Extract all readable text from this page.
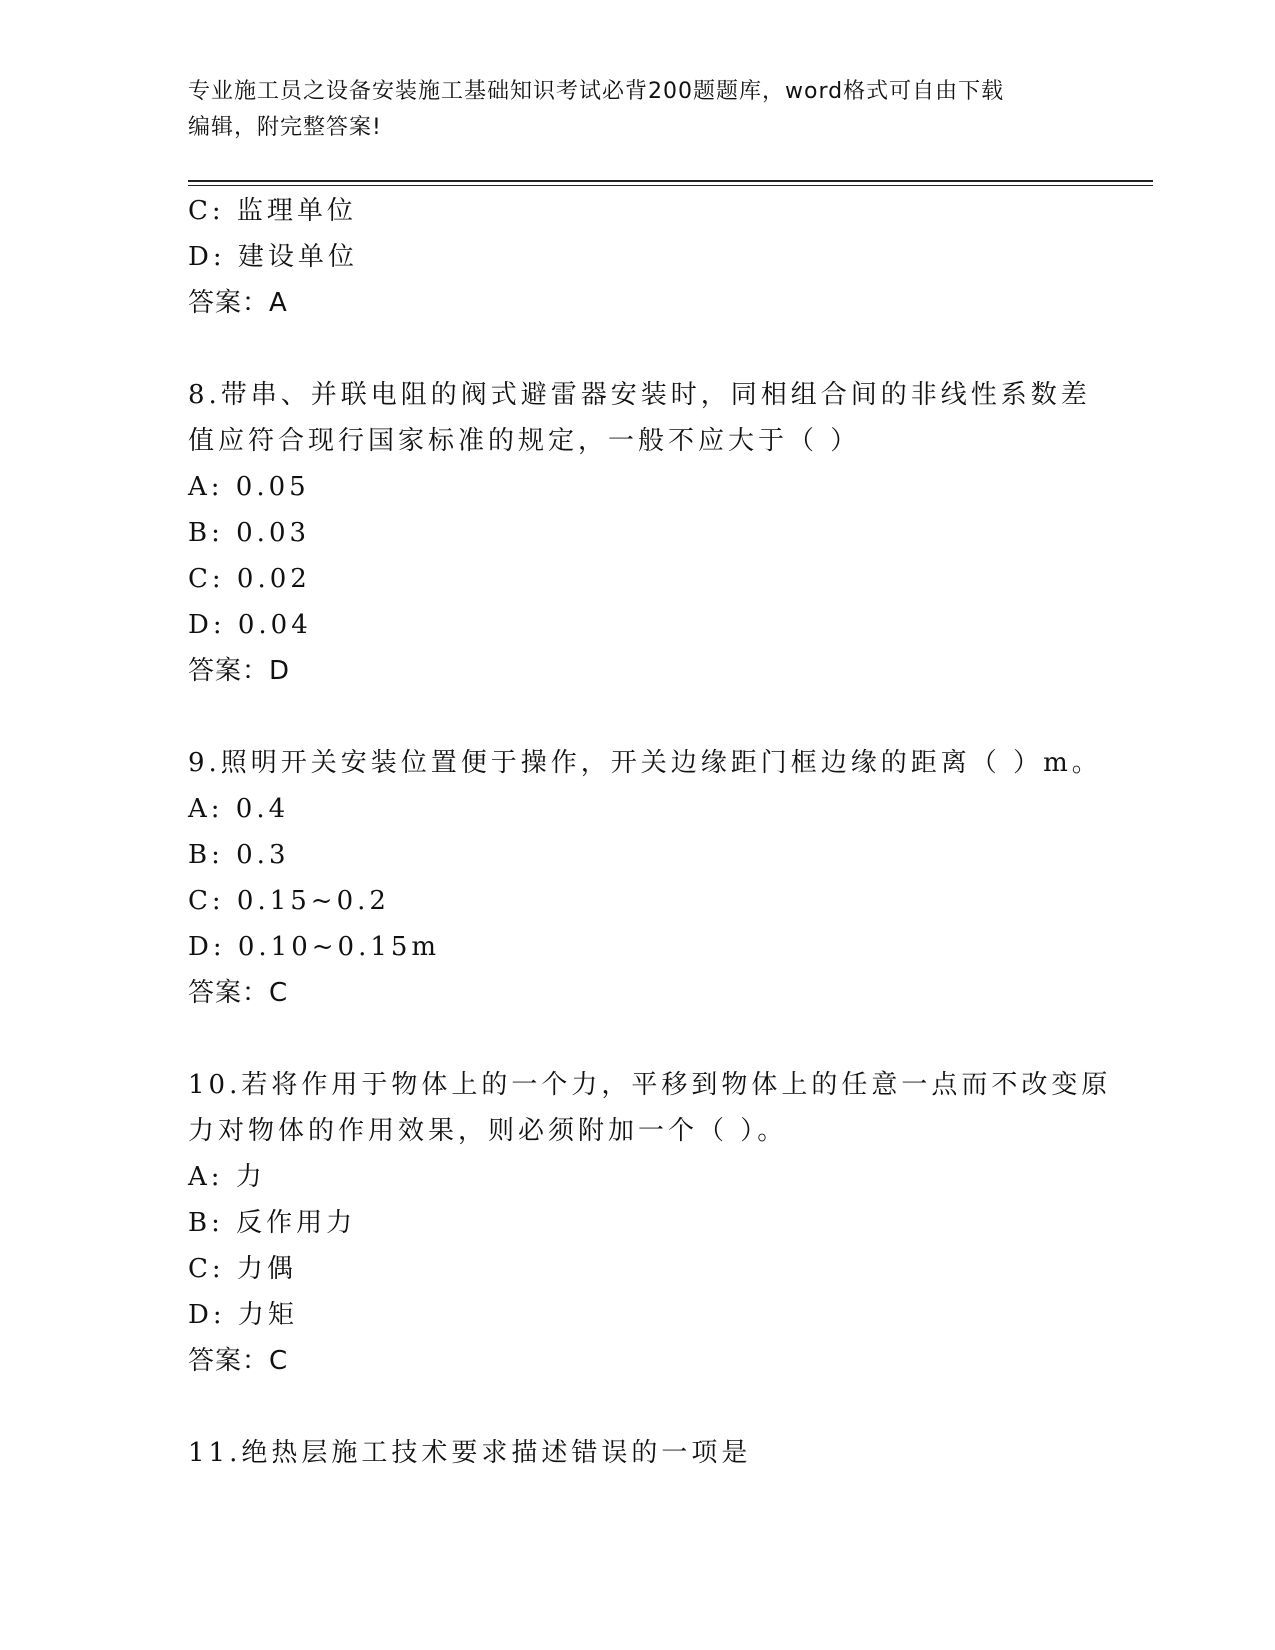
专业施工员之设备安装施工基础知识考试必背200题题库，word格式可自由下载
编辑，附完整答案!
C: 监理单位
D: 建设单位
答案：A
8.带串、并联电阻的阀式避雷器安装时，同相组合间的非线性系数差
值应符合现行国家标准的规定，一般不应大于（ ）
A: 0.05
B: 0.03
C: 0.02
D: 0.04
答案：D
9.照明开关安装位置便于操作，开关边缘距门框边缘的距离（ ）m。
A: 0.4
B: 0.3
C: 0.15~0.2
D: 0.10~0.15m
答案：C
10.若将作用于物体上的一个力，平移到物体上的任意一点而不改变原
力对物体的作用效果，则必须附加一个（ ）。
A: 力
B: 反作用力
C: 力偶
D: 力矩
答案：C
11.绝热层施工技术要求描述错误的一项是
